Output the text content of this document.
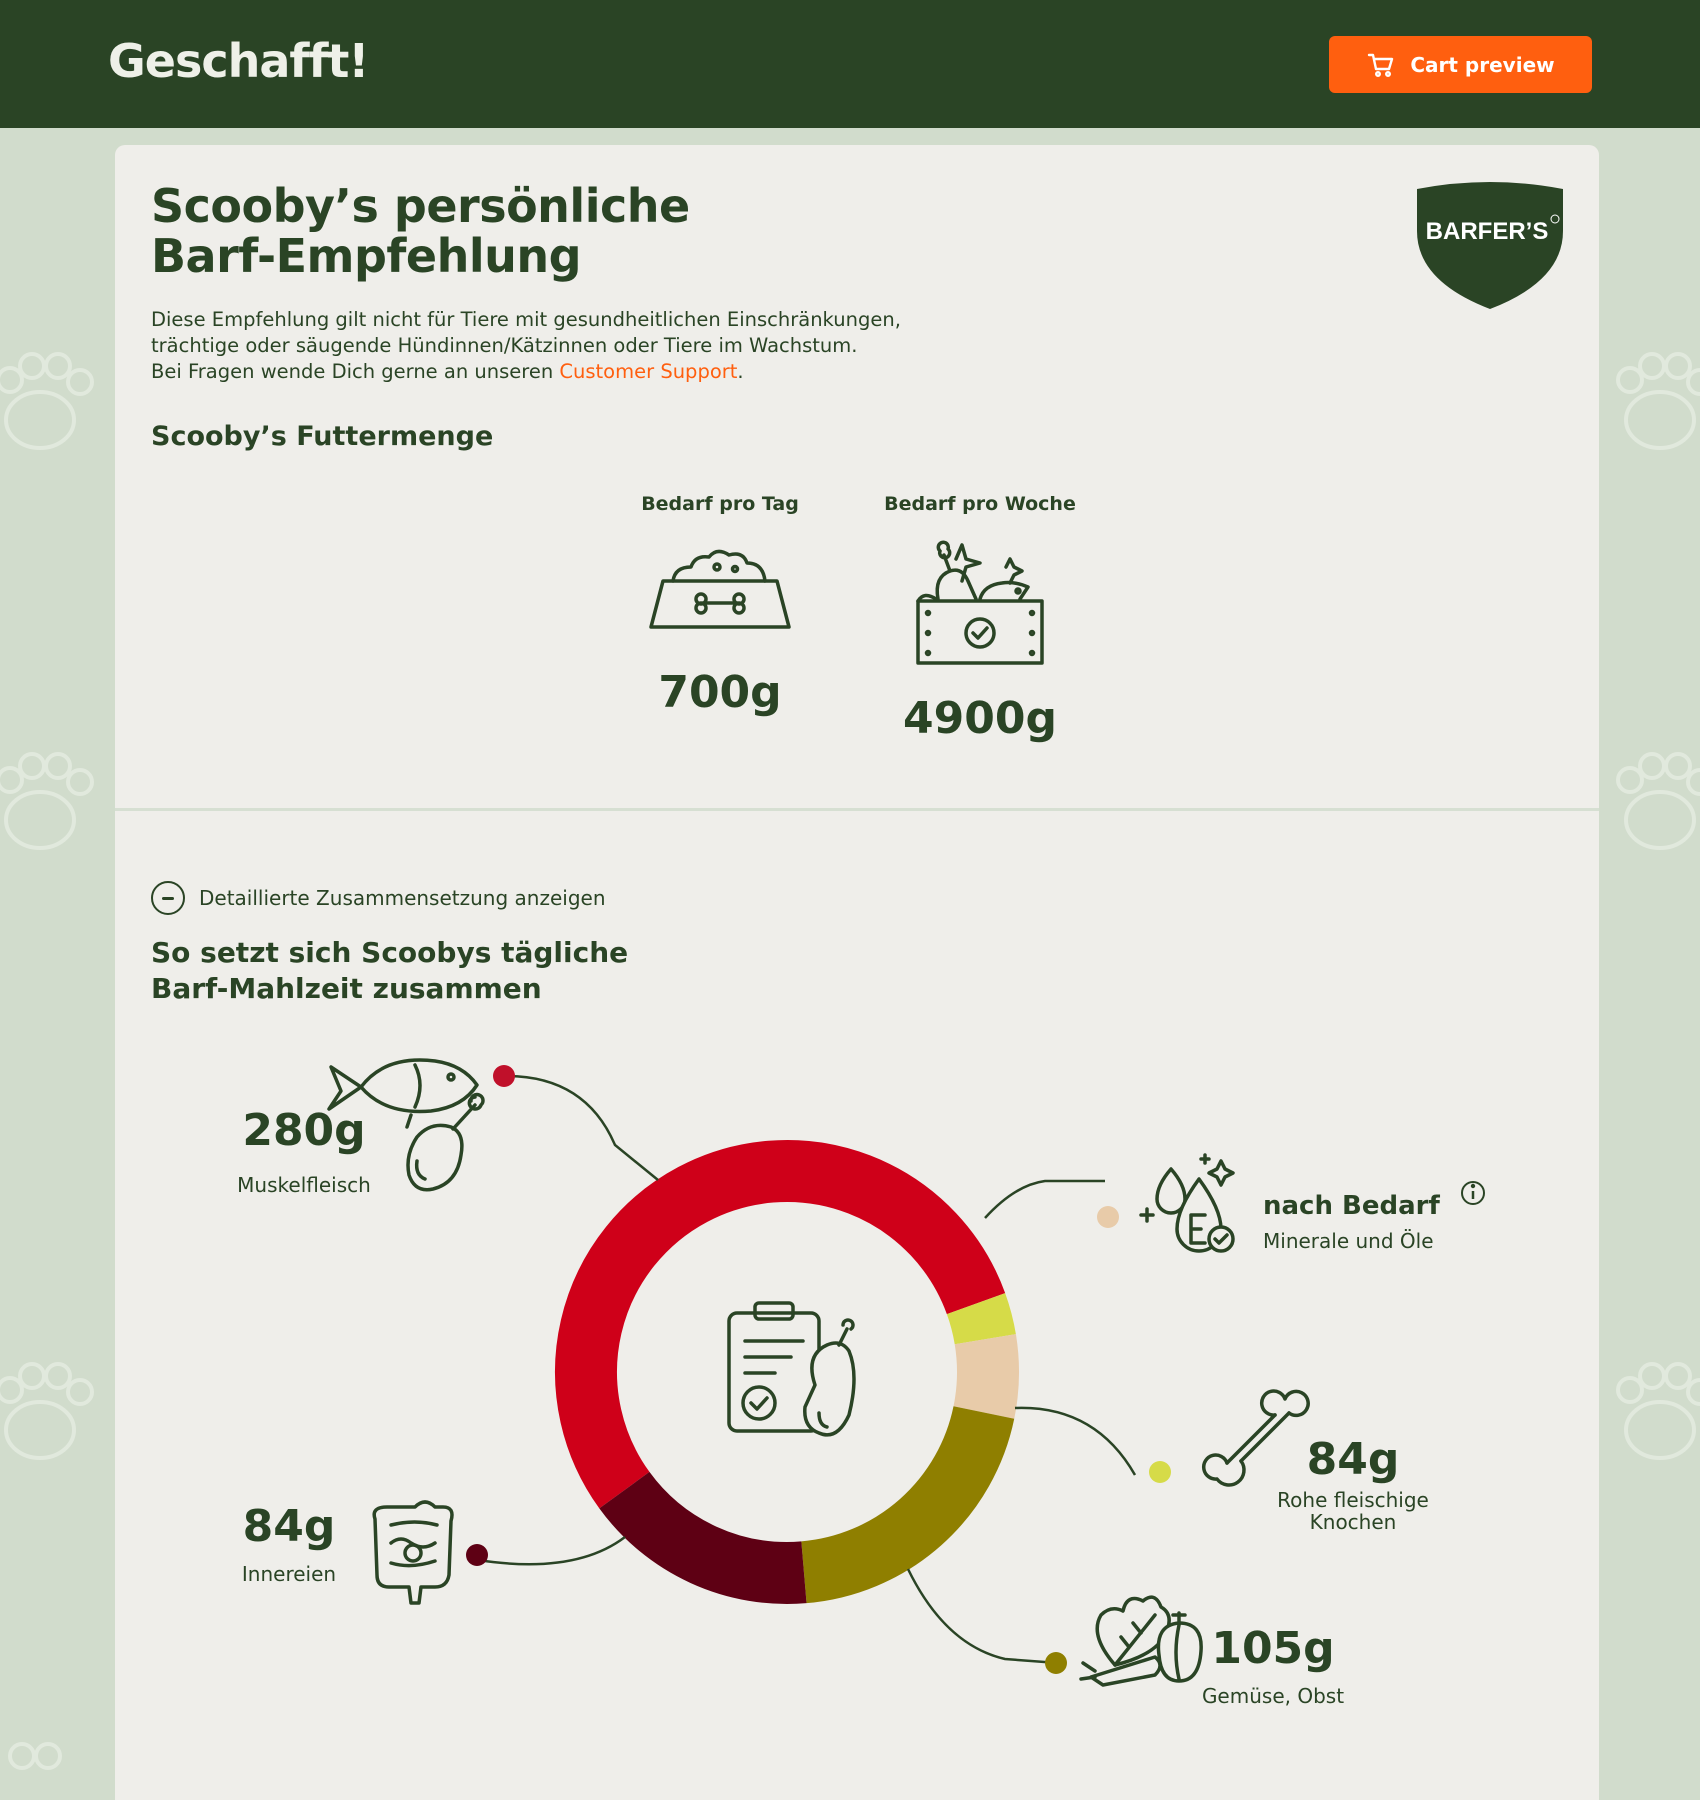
Geschafft!	Cart preview
Scooby’s persönliche
Barf-Empfehlung	BARFER’S
Diese Empfehlung gilt nicht für Tiere mit gesundheitlichen Einschränkungen,
trächtige oder säugende Hündinnen/Kätzinnen oder Tiere im Wachstum.
Bei Fragen wende Dich gerne an unseren Customer Support.
Scooby’s Futtermenge
Bedarf pro Tag
700g
Bedarf pro Woche
4900g
Detaillierte Zusammensetzung anzeigen
So setzt sich Scoobys tägliche
Barf-Mahlzeit zusammen
280g
Muskelfleisch
nach Bedarf
Minerale und Öle
84g
Rohe fleischige
Knochen
105g
Gemüse, Obst
84g
Innereien
